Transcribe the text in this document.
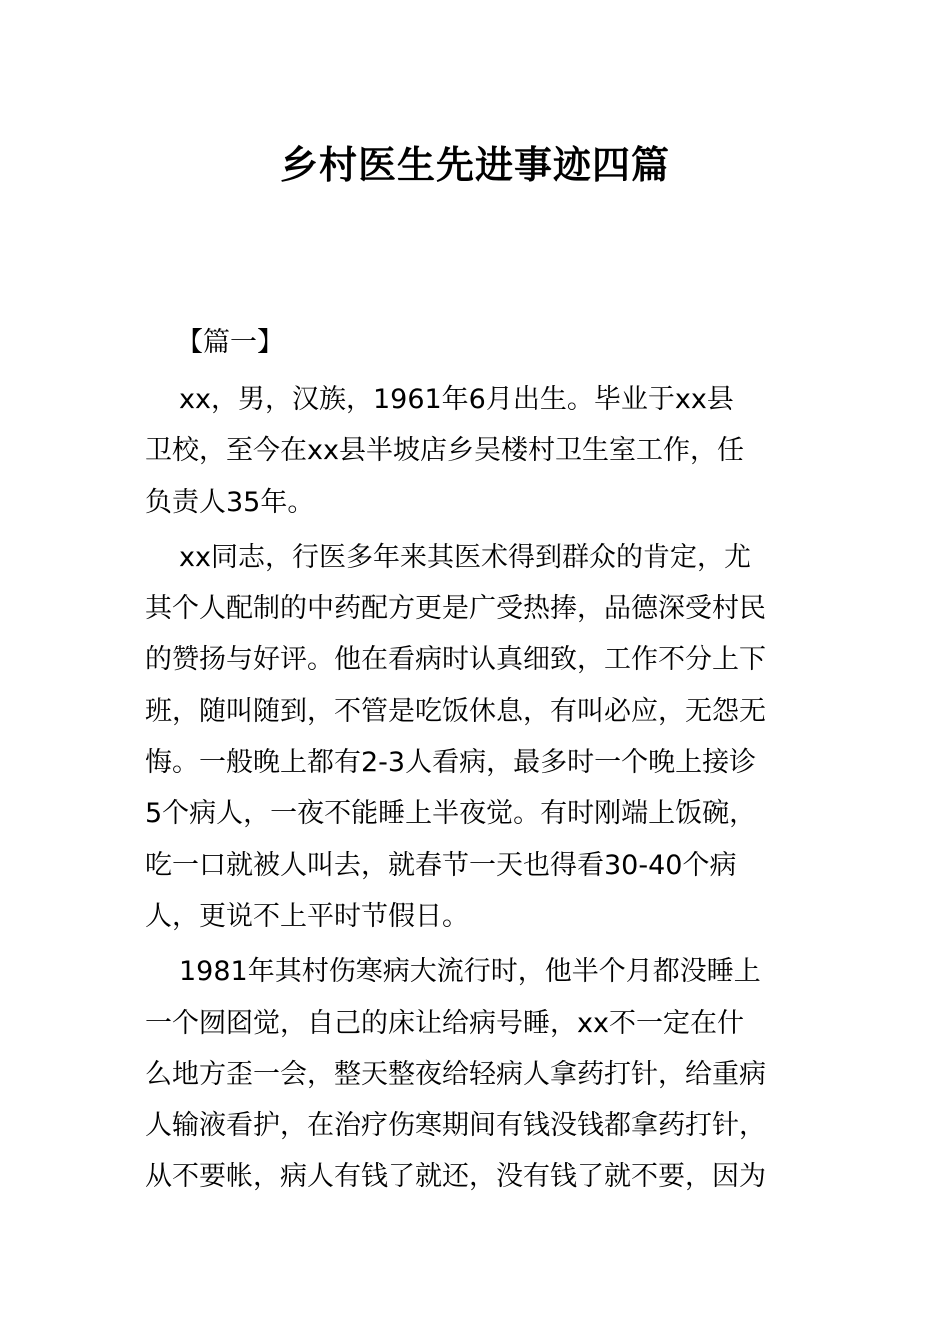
乡村医生先进事迹四篇
【篇一】

xx，男，汉族，1961年6月出生。毕业于xx县
卫校，至今在xx县半坡店乡吴楼村卫生室工作，任
负责人35年。

xx同志，行医多年来其医术得到群众的肯定，尤
其个人配制的中药配方更是广受热捧，品德深受村民
的赞扬与好评。他在看病时认真细致，工作不分上下
班，随叫随到，不管是吃饭休息，有叫必应，无怨无
悔。一般晚上都有2-3人看病，最多时一个晚上接诊
5个病人，一夜不能睡上半夜觉。有时刚端上饭碗，
吃一口就被人叫去，就春节一天也得看30-40个病
人，更说不上平时节假日。

1981年其村伤寒病大流行时，他半个月都没睡上
一个囫囵觉，自己的床让给病号睡，xx不一定在什
么地方歪一会，整天整夜给轻病人拿药打针，给重病
人输液看护，在治疗伤寒期间有钱没钱都拿药打针，
从不要帐，病人有钱了就还，没有钱了就不要，因为
